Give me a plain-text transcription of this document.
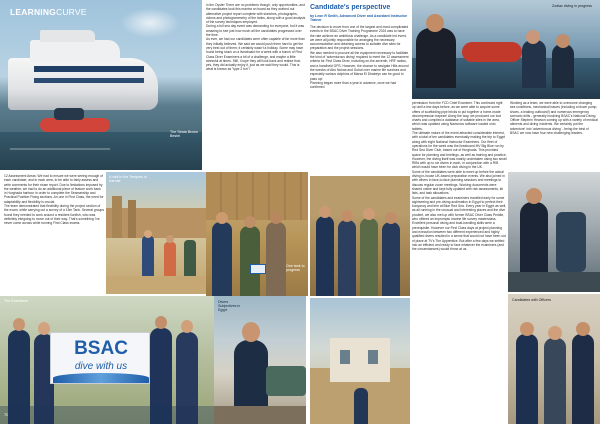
LEARNINGCURVE
The Strata Brown Bestel
in the Oyster There are no problems though, only opportunities, and the candidates took this mantra on board as they worked out alternative project report complete with sketches, photographs, videos and photogrammetry of the tanks, along with a good analysis of the survey techniques employed.
During a full sea day event was demanding for everyone, but it was amazing to see just how much all the candidates progressed over the time.
As ever, we had our candidates were often capable of far more than they initially believed. We said we would push them hard to get the very best out of them; it certainly wasn't a holiday. Some may have found being stuck on a liveaboard for a week with a bunch of First Class Diver Examiners a bit of a challenge, and maybe a little stressful at times. Still, I hope they will look back and realise that, yes, they did actually enjoy it, just as we said they would. This is what is known as "type 2 fun"!
12 Assessment Areas: We had to ensure we were seeing enough of each candidate, and in each area, to be able to fairly assess and write comments for their exam report. Due to limitations imposed by the weather, we had to do an additional piece of feature work back in Hurghada harbour in order to complete the Seamanship and Practical Position Fixing sections. An one in First Class, the need for adaptability and flexibility is crucial.
The team demonstrated that flexibility during the project section of the exam, while carrying out a survey of a 15m Tank. Several groups found they needed to work around a resident lionfish, who was definitely intriguing to move out of their way. That's something I've never come across while running First Class exams.
A visit to the Temples of Karnak
One tank to progress
The Examiners
BSAC
dive with us
70
Divers Subjectives in Egypt
Candidate's perspective
by Leon R Smith, Advanced Diver and Assistant Instructor Trainer
The decision to move from one of the largest and most complicated events in the BSAC Diver Training Programme 2024 was to have the rate achieve an ambitious challenge. As a candidate led event, we were all jointly responsible for arranging the necessary accommodation and obtaining access to suitable dive sites for preparation and the project sessions.
We also needed to procure all the equipment necessary to facilitate the kind of 'adventurous diving' required to meet the 12 assessment criteria for First Class Diver, including on-the-seventh, HRF radios, and a handheld GPS. However, the chance to navigate Hills around the wrecks of Abu Nuhas and Gubal over marine life sunrises and especially various dolphins of Marsa El Dhabeyn can be good to pass up!
Planning began more than a year in advance, once we had confirmed
permission from the FCD Chief Examiner. This continued right up until a few days before, as we were able to acquire some offers of scaffolding pipe bricks to put together a home-made decompression trapeze! Along the way, we produced our tool charts and compiled a database of suitable sites in the area, which was updated using Navionics software loaded onto tablets.
The ultimate nature of the event attracted considerable interest, with a total of ten candidates eventually making the trip to Egypt along with eight National Instructor Examiners. Our fleet of operations for the week was the liveaboard MV Big Blue run by Red Sea Diver Club, based out of Hurghada. This provided space for planning and briefings, as well as training and practice. However, the diving itself was mainly undertaken using two small RIBs with up to six divers in each, in conjunction with a RIB which would have been for club diving in the UK.
Some of the candidates were able to meet up before the actual diving in-house UK-based preparation events. We also joined in with others in face-to-face planning sessions and meetings to discuss regular zoom meetings. Working documents were shared online and kept fully updated with risk assessments, kit lists, and task allocations.
Some of the candidates and examiners travelled early for some sightseeing and pre-diving acclimation in Egypt to perfect their buoyancy and trim at Blue Red Sea. Every year in Egypt as well, as all running in the unusual and Interesting places and the dive prudent, we also met up with former BSAC Diver Class Peddie, who offered an impromptu marine life survey masterclass.
Excellent personal diving and boat-handling skills were a prerequisite. However our First Class days at project planning and execution between two different experienced and highly qualified divers resulted in a sense that would not have been out of place at TV's The Apprentice. But after a few days we settled into an efficient and ready to face whatever the examiners (and the circumstances) would throw at us.
Working as a team, we were able to overcome changing sea conditions, mechanical issues (including a blown pump, shoes, a leaking outboard!) and numerous emergency scenario drills - generally involving BSAC's National Diving Officer Stephen Hewson coming up with a variety of medical ailments and diving incidents. We certainly put the adventure' into 'adventurous diving' - being the best of BSAC we now have four new challenging leaders.
Zodiac diving in progress
Candidates with Officers
